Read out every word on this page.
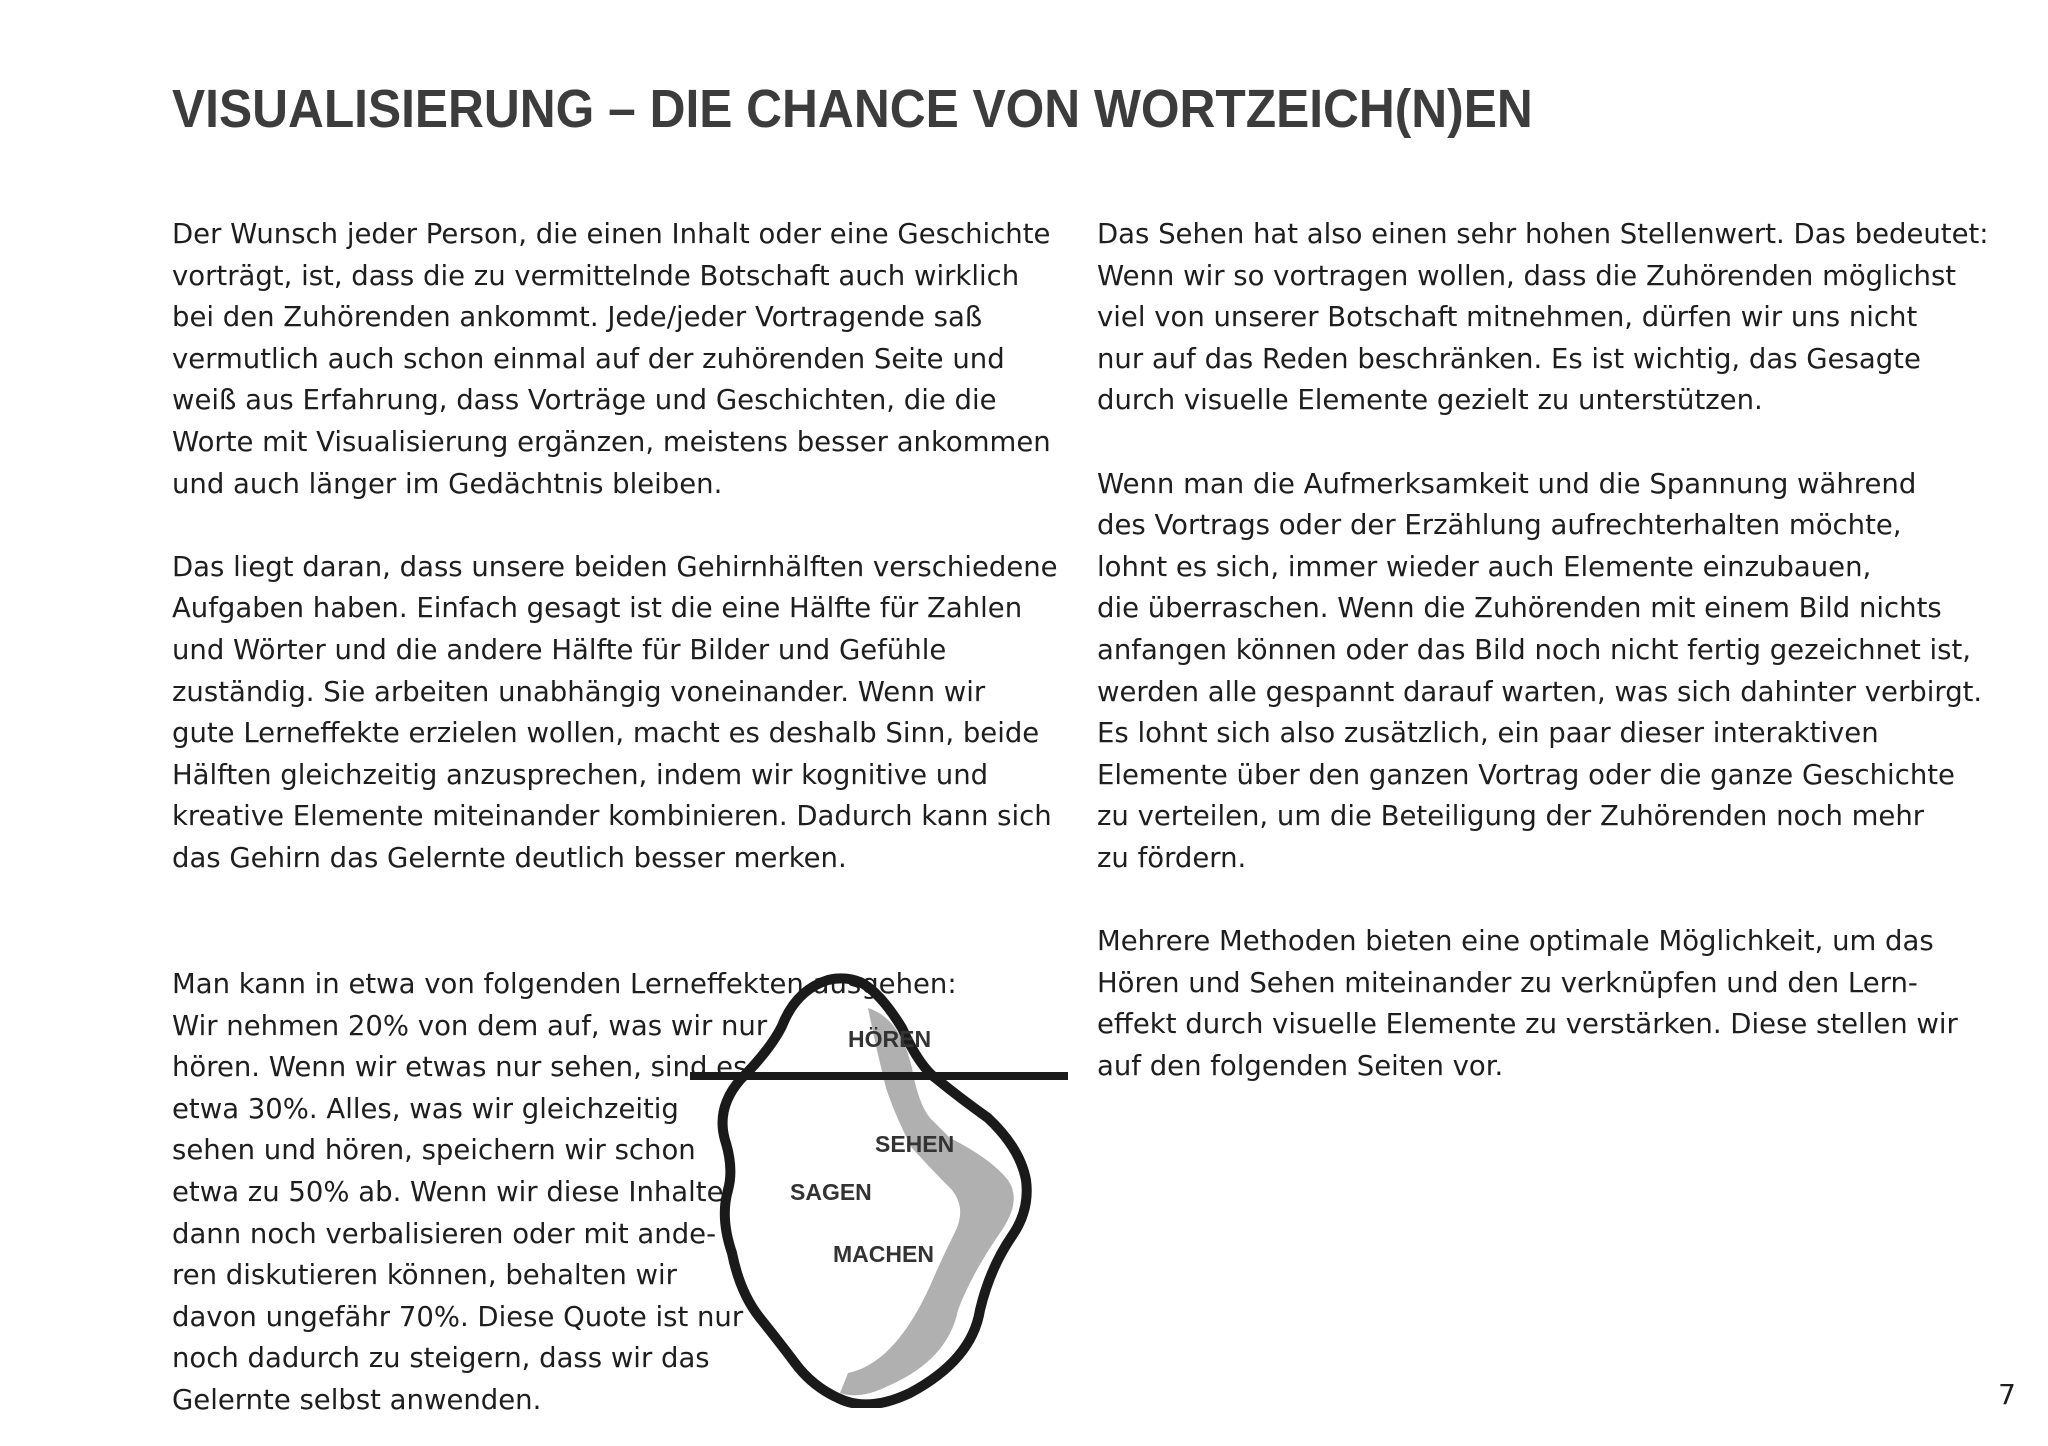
VISUALISIERUNG – DIE CHANCE VON WORTZEICH(N)EN

Der Wunsch jeder Person, die einen Inhalt oder eine Geschichte
vorträgt, ist, dass die zu vermittelnde Botschaft auch wirklich
bei den Zuhörenden ankommt. Jede/jeder Vortragende saß
vermutlich auch schon einmal auf der zuhörenden Seite und
weiß aus Erfahrung, dass Vorträge und Geschichten, die die
Worte mit Visualisierung ergänzen, meistens besser ankommen
und auch länger im Gedächtnis bleiben.

Das liegt daran, dass unsere beiden Gehirnhälften verschiedene
Aufgaben haben. Einfach gesagt ist die eine Hälfte für Zahlen
und Wörter und die andere Hälfte für Bilder und Gefühle
zuständig. Sie arbeiten unabhängig voneinander. Wenn wir
gute Lerneffekte erzielen wollen, macht es deshalb Sinn, beide
Hälften gleichzeitig anzusprechen, indem wir kognitive und
kreative Elemente miteinander kombinieren. Dadurch kann sich
das Gehirn das Gelernte deutlich besser merken.

Man kann in etwa von folgenden Lerneffekten ausgehen:
Wir nehmen 20% von dem auf, was wir nur
hören. Wenn wir etwas nur sehen, sind es
etwa 30%. Alles, was wir gleichzeitig
sehen und hören, speichern wir schon
etwa zu 50% ab. Wenn wir diese Inhalte
dann noch verbalisieren oder mit ande-
ren diskutieren können, behalten wir
davon ungefähr 70%. Diese Quote ist nur
noch dadurch zu steigern, dass wir das
Gelernte selbst anwenden.
HÖREN
SEHEN
SAGEN
MACHEN

Das Sehen hat also einen sehr hohen Stellenwert. Das bedeutet:
Wenn wir so vortragen wollen, dass die Zuhörenden möglichst
viel von unserer Botschaft mitnehmen, dürfen wir uns nicht
nur auf das Reden beschränken. Es ist wichtig, das Gesagte
durch visuelle Elemente gezielt zu unterstützen.

Wenn man die Aufmerksamkeit und die Spannung während
des Vortrags oder der Erzählung aufrechterhalten möchte,
lohnt es sich, immer wieder auch Elemente einzubauen,
die überraschen. Wenn die Zuhörenden mit einem Bild nichts
anfangen können oder das Bild noch nicht fertig gezeichnet ist,
werden alle gespannt darauf warten, was sich dahinter verbirgt.
Es lohnt sich also zusätzlich, ein paar dieser interaktiven
Elemente über den ganzen Vortrag oder die ganze Geschichte
zu verteilen, um die Beteiligung der Zuhörenden noch mehr
zu fördern.

Mehrere Methoden bieten eine optimale Möglichkeit, um das
Hören und Sehen miteinander zu verknüpfen und den Lern-
effekt durch visuelle Elemente zu verstärken. Diese stellen wir
auf den folgenden Seiten vor.

7
